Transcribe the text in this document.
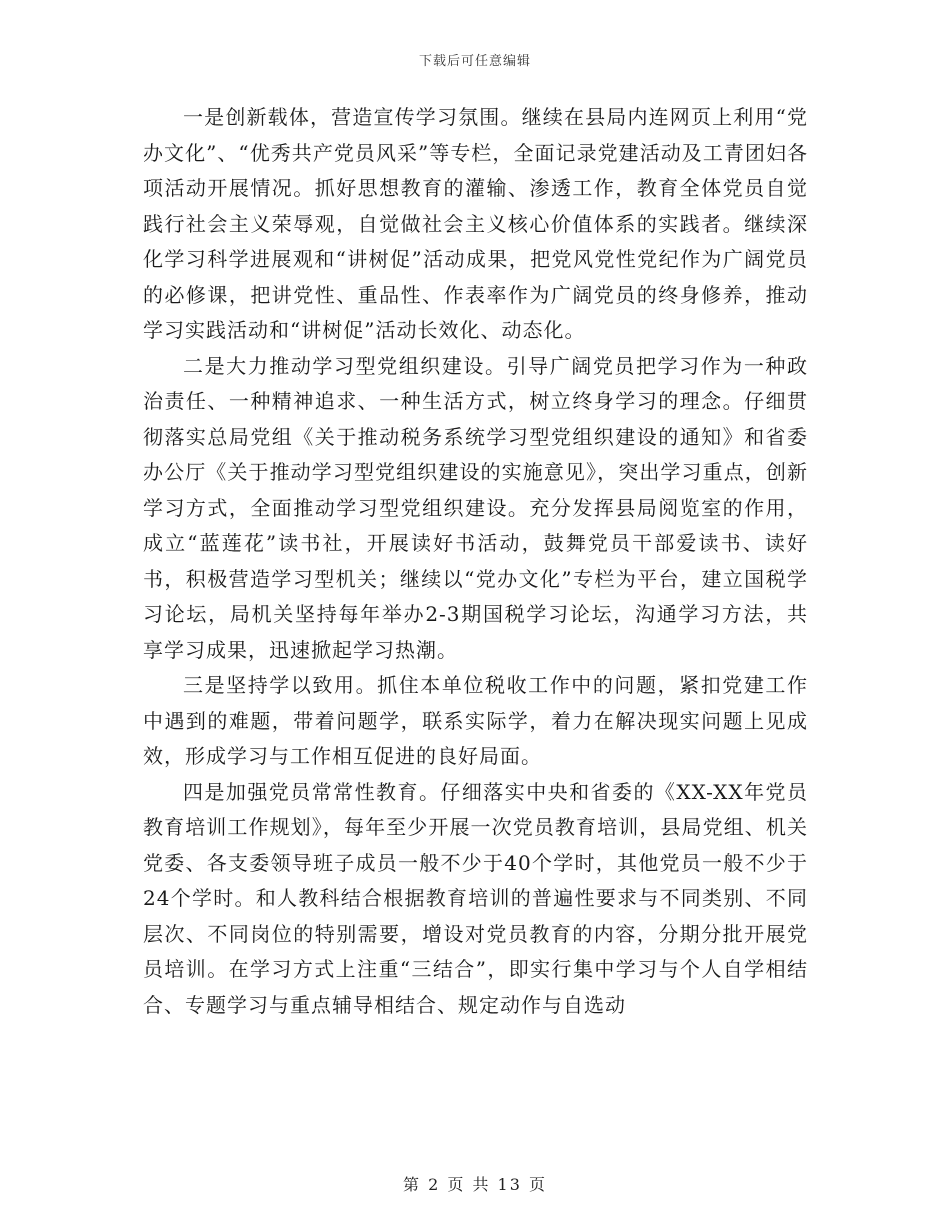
下载后可任意编辑

一是创新载体，营造宣传学习氛围。继续在县局内连网页上利用“党办文化”、“优秀共产党员风采”等专栏，全面记录党建活动及工青团妇各项活动开展情况。抓好思想教育的灌输、渗透工作，教育全体党员自觉践行社会主义荣辱观，自觉做社会主义核心价值体系的实践者。继续深化学习科学进展观和“讲树促”活动成果，把党风党性党纪作为广阔党员的必修课，把讲党性、重品性、作表率作为广阔党员的终身修养，推动学习实践活动和“讲树促”活动长效化、动态化。

二是大力推动学习型党组织建设。引导广阔党员把学习作为一种政治责任、一种精神追求、一种生活方式，树立终身学习的理念。仔细贯彻落实总局党组《关于推动税务系统学习型党组织建设的通知》和省委办公厅《关于推动学习型党组织建设的实施意见》，突出学习重点，创新学习方式，全面推动学习型党组织建设。充分发挥县局阅览室的作用，成立“蓝莲花”读书社，开展读好书活动，鼓舞党员干部爱读书、读好书，积极营造学习型机关；继续以“党办文化”专栏为平台，建立国税学习论坛，局机关坚持每年举办2-3期国税学习论坛，沟通学习方法，共享学习成果，迅速掀起学习热潮。

三是坚持学以致用。抓住本单位税收工作中的问题，紧扣党建工作中遇到的难题，带着问题学，联系实际学，着力在解决现实问题上见成效，形成学习与工作相互促进的良好局面。

四是加强党员常常性教育。仔细落实中央和省委的《XX-XX年党员教育培训工作规划》，每年至少开展一次党员教育培训，县局党组、机关党委、各支委领导班子成员一般不少于40个学时，其他党员一般不少于24个学时。和人教科结合根据教育培训的普遍性要求与不同类别、不同层次、不同岗位的特别需要，增设对党员教育的内容，分期分批开展党员培训。在学习方式上注重“三结合”，即实行集中学习与个人自学相结合、专题学习与重点辅导相结合、规定动作与自选动

第 2 页 共 13 页
